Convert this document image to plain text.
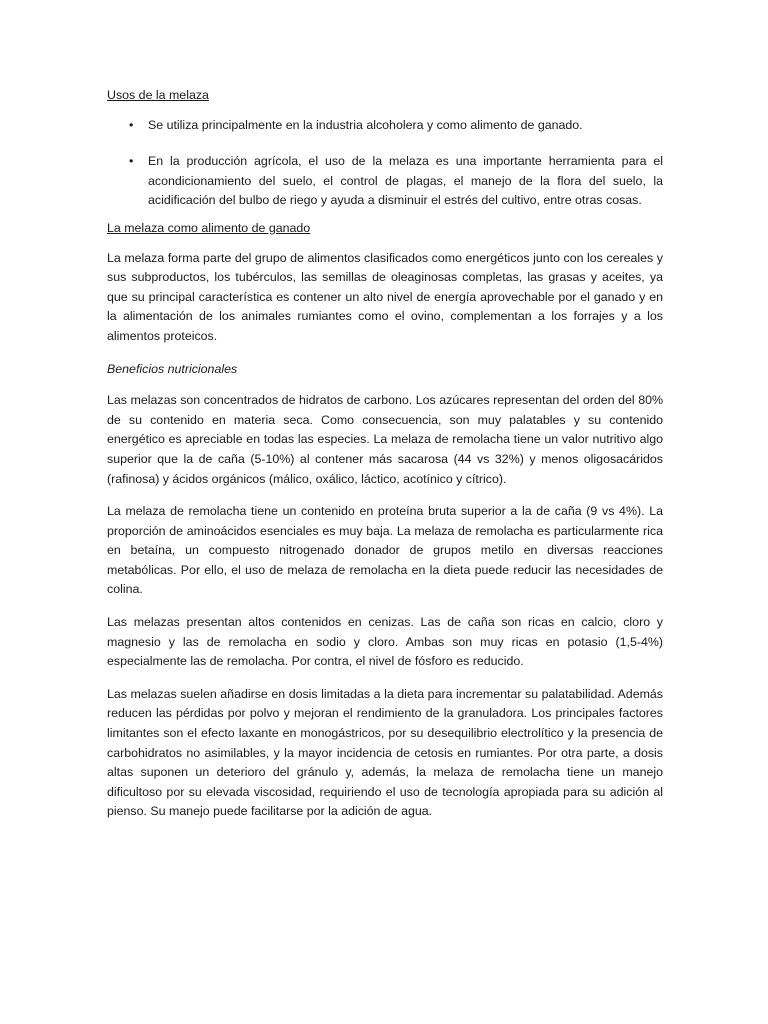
Usos de la melaza
• Se utiliza principalmente en la industria alcoholera y como alimento de ganado.
• En la producción agrícola, el uso de la melaza es una importante herramienta para el acondicionamiento del suelo, el control de plagas, el manejo de la flora del suelo, la acidificación del bulbo de riego y ayuda a disminuir el estrés del cultivo, entre otras cosas.
La melaza como alimento de ganado

La melaza forma parte del grupo de alimentos clasificados como energéticos junto con los cereales y sus subproductos, los tubérculos, las semillas de oleaginosas completas, las grasas y aceites, ya que su principal característica es contener un alto nivel de energía aprovechable por el ganado y en la alimentación de los animales rumiantes como el ovino, complementan a los forrajes y a los alimentos proteicos.

Beneficios nutricionales

Las melazas son concentrados de hidratos de carbono. Los azúcares representan del orden del 80% de su contenido en materia seca. Como consecuencia, son muy palatables y su contenido energético es apreciable en todas las especies. La melaza de remolacha tiene un valor nutritivo algo superior que la de caña (5-10%) al contener más sacarosa (44 vs 32%) y menos oligosacáridos (rafinosa) y ácidos orgánicos (málico, oxálico, láctico, acotínico y cítrico).

La melaza de remolacha tiene un contenido en proteína bruta superior a la de caña (9 vs 4%). La proporción de aminoácidos esenciales es muy baja. La melaza de remolacha es particularmente rica en betaína, un compuesto nitrogenado donador de grupos metilo en diversas reacciones metabólicas. Por ello, el uso de melaza de remolacha en la dieta puede reducir las necesidades de colina.

Las melazas presentan altos contenidos en cenizas. Las de caña son ricas en calcio, cloro y magnesio y las de remolacha en sodio y cloro. Ambas son muy ricas en potasio (1,5-4%) especialmente las de remolacha. Por contra, el nivel de fósforo es reducido.

Las melazas suelen añadirse en dosis limitadas a la dieta para incrementar su palatabilidad. Además reducen las pérdidas por polvo y mejoran el rendimiento de la granuladora. Los principales factores limitantes son el efecto laxante en monogástricos, por su desequilibrio electrolítico y la presencia de carbohidratos no asimilables, y la mayor incidencia de cetosis en rumiantes. Por otra parte, a dosis altas suponen un deterioro del gránulo y, además, la melaza de remolacha tiene un manejo dificultoso por su elevada viscosidad, requiriendo el uso de tecnología apropiada para su adición al pienso. Su manejo puede facilitarse por la adición de agua.
